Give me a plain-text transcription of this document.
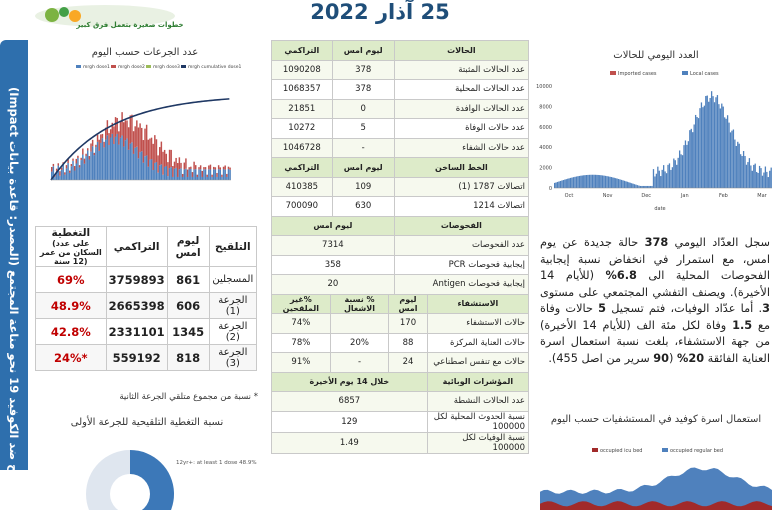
خطوات صغيرة بتعمل فرق كبير
25 آذار 2022
التلقيح ضد الكوفيد 19 نحو مناعة المجتمع (المصدر: قاعدة بيانات Impact)
عدد الجرعات حسب اليوم
mrgh dose1 mrgh dose2 mrgh dose3 mrgh cumulative dose1
التغطية
(على عدد السكان من عمر 12 سنة)	التراكمي	ليوم امس	التلقيح
69%	3759893	861	المسجلين
48.9%	2665398	606	الجرعة (1)
42.8%	2331101	1345	الجرعة (2)
24%*	559192	818	الجرعة (3)
* نسبة من مجموع متلقي الجرعة الثانية
نسبة التغطية التلقيحية للجرعة الأولى
12yr+: at least 1 dose 48.9%
الحالات	ليوم امس	التراكمي
عدد الحالات المثبتة	378	1090208
عدد الحالات المحلية	378	1068357
عدد الحالات الوافدة	0	21851
عدد حالات الوفاة	5	10272
عدد حالات الشفاء	-	1046728
الخط الساخن	ليوم امس	التراكمي
اتصالات 1787 (1)	109	410385
اتصالات 1214	630	700090
الفحوصات	ليوم امس	
عدد الفحوصات	7314	
إيجابية فحوصات PCR	358	
إيجابية فحوصات Antigen	20	
الاستشفاء	ليوم امس	% نسبة الاشغال	%غير الملقحين
حالات الاستشفاء	170		74%
حالات العناية المركزة	88	20%	78%
حالات مع تنفس اصطناعي	24	-	91%
المؤشرات الوبائية	خلال 14 يوم الأخيرة		
عدد الحالات النشطة	6857		
نسبة الحدوث المحلية لكل 100000	129		
نسبة الوفيات لكل 100000	1.49		
العدد اليومي للحالات
Imported cases	Local cases
0
2000
4000
6000
8000
10000
Oct	Nov	Dec	Jan	Feb	Mar
date
سجل العدّاد اليومي 378 حالة جديدة عن يوم امس، مع استمرار في انخفاض نسبة إيجابية الفحوصات المحلية الى 6.8% (للأيام 14 الأخيرة). ويصنف التفشي المجتمعي على مستوى 3. أما عدّاد الوفيات، فتم تسجيل 5 حالات وفاة مع 1.5 وفاة لكل مئة الف (للأيام 14 الأخيرة) من جهة الاستشفاء، بلغت نسبة استعمال اسرة العناية الفائقة 20% (90 سرير من اصل 455).
استعمال اسرة كوفيد في المستشفيات حسب اليوم
occupied icu bed	occupied regular bed
